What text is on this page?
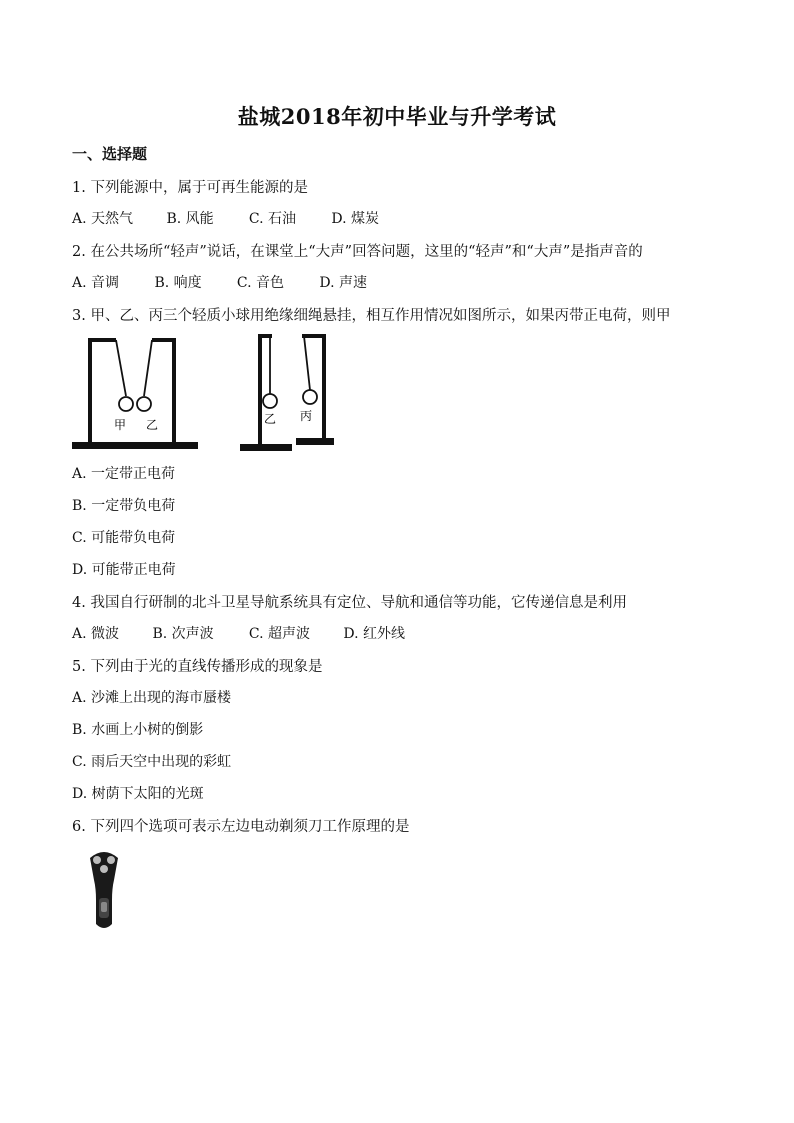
盐城2018年初中毕业与升学考试
一、选择题
1. 下列能源中，属于可再生能源的是
A. 天然气 B. 风能	C. 石油	D. 煤炭
2. 在公共场所“轻声”说话，在课堂上“大声”回答问题，这里的“轻声”和“大声”是指声音的
A. 音调	B. 响度	C. 音色	D. 声速
3. 甲、乙、丙三个轻质小球用绝缘细绳悬挂，相互作用情况如图所示，如果丙带正电荷，则甲
甲 乙	乙 丙
A. 一定带正电荷
B. 一定带负电荷
C. 可能带负电荷
D. 可能带正电荷
4. 我国自行研制的北斗卫星导航系统具有定位、导航和通信等功能，它传递信息是利用
A. 微波 B. 次声波	C. 超声波 D. 红外线
5. 下列由于光的直线传播形成的现象是
A. 沙滩上出现的海市蜃楼
B. 水画上小树的倒影
C. 雨后天空中出现的彩虹
D. 树荫下太阳的光斑
6. 下列四个选项可表示左边电动剃须刀工作原理的是
